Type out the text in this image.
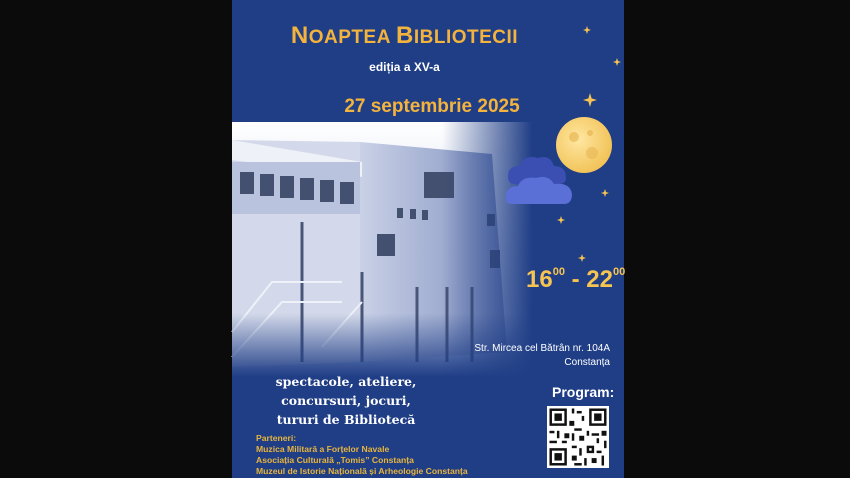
NOAPTEA BIBLIOTECII
ediția a XV-a
27 septembrie 2025
$16^{00} - 22^{00}$
Str. Mircea cel Bătrân nr. 104A
Constanța
spectacole, ateliere,
concursuri, jocuri,
tururi de Bibliotecă
Program:
Parteneri:
Muzica Militară a Forțelor Navale
Asociația Culturală „Tomis” Constanța
Muzeul de Istorie Națională și Arheologie Constanța
